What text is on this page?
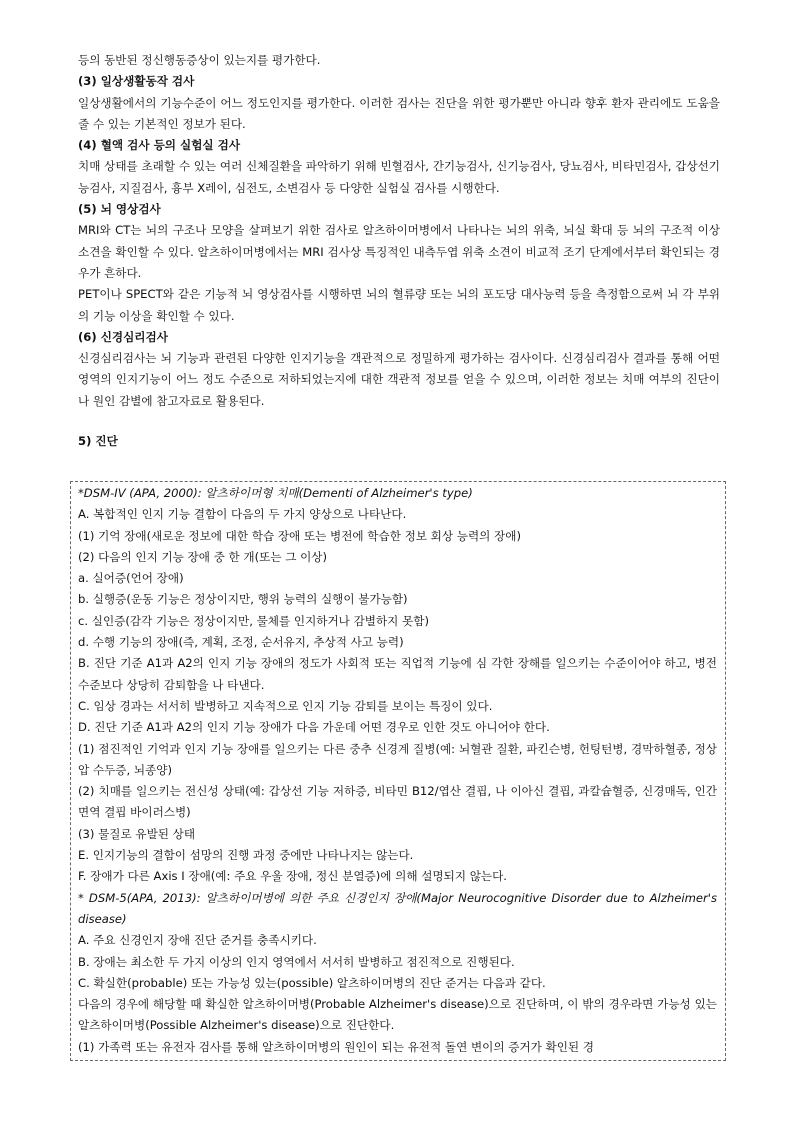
등의 동반된 정신행동증상이 있는지를 평가한다.

(3) 일상생활동작 검사

일상생활에서의 기능수준이 어느 정도인지를 평가한다. 이러한 검사는 진단을 위한 평가뿐만 아니라 향후 환자 관리에도 도움을 줄 수 있는 기본적인 정보가 된다.

(4) 혈액 검사 등의 실험실 검사

치매 상태를 초래할 수 있는 여러 신체질환을 파악하기 위해 빈혈검사, 간기능검사, 신기능검사, 당뇨검사, 비타민검사, 갑상선기능검사, 지질검사, 흉부 X레이, 심전도, 소변검사 등 다양한 실험실 검사를 시행한다.

(5) 뇌 영상검사

MRI와 CT는 뇌의 구조나 모양을 살펴보기 위한 검사로 알츠하이머병에서 나타나는 뇌의 위축, 뇌실 확대 등 뇌의 구조적 이상 소견을 확인할 수 있다. 알츠하이머병에서는 MRI 검사상 특징적인 내측두엽 위축 소견이 비교적 조기 단계에서부터 확인되는 경우가 흔하다.

PET이나 SPECT와 같은 기능적 뇌 영상검사를 시행하면 뇌의 혈류량 또는 뇌의 포도당 대사능력 등을 측정함으로써 뇌 각 부위의 기능 이상을 확인할 수 있다.

(6) 신경심리검사

신경심리검사는 뇌 기능과 관련된 다양한 인지기능을 객관적으로 정밀하게 평가하는 검사이다. 신경심리검사 결과를 통해 어떤 영역의 인지기능이 어느 정도 수준으로 저하되었는지에 대한 객관적 정보를 얻을 수 있으며, 이러한 정보는 치매 여부의 진단이나 원인 감별에 참고자료로 활용된다.

5) 진단

*DSM-IV (APA, 2000): 알츠하이머형 치매(Dementi of Alzheimer's type)

A. 복합적인 인지 기능 결함이 다음의 두 가지 양상으로 나타난다.

(1) 기억 장애(새로운 정보에 대한 학습 장애 또는 병전에 학습한 정보 회상 능력의 장애)

(2) 다음의 인지 기능 장애 중 한 개(또는 그 이상)

a. 실어증(언어 장애)

b. 실행증(운동 기능은 정상이지만, 행위 능력의 실행이 불가능함)

c. 실인증(감각 기능은 정상이지만, 물체를 인지하거나 감별하지 못함)

d. 수행 기능의 장애(즉, 계획, 조정, 순서유지, 추상적 사고 능력)

B. 진단 기준 A1과 A2의 인지 기능 장애의 정도가 사회적 또는 직업적 기능에 심 각한 장해를 일으키는 수준이어야 하고, 병전 수준보다 상당히 감퇴함을 나 타낸다.

C. 임상 경과는 서서히 발병하고 지속적으로 인지 기능 감퇴를 보이는 특징이 있다.

D. 진단 기준 A1과 A2의 인지 기능 장애가 다음 가운데 어떤 경우로 인한 것도 아니어야 한다.

(1) 점진적인 기억과 인지 기능 장애를 일으키는 다른 중추 신경계 질병(예: 뇌혈관 질환, 파킨슨병, 헌팅턴병, 경막하혈종, 정상압 수두증, 뇌종양)

(2) 치매를 일으키는 전신성 상태(예: 갑상선 기능 저하증, 비타민 B12/엽산 결핍, 나 이아신 결핍, 과칼슘혈증, 신경매독, 인간 면역 결핍 바이러스병)

(3) 물질로 유발된 상태

E. 인지기능의 결함이 섬망의 진행 과정 중에만 나타나지는 않는다.

F. 장애가 다른 Axis I 장애(예: 주요 우울 장애, 정신 분열증)에 의해 설명되지 않는다.

* DSM-5(APA, 2013): 알츠하이머병에 의한 주요 신경인지 장애(Major Neurocognitive Disorder due to Alzheimer's disease)

A. 주요 신경인지 장애 진단 준거를 충족시키다.

B. 장애는 최소한 두 가지 이상의 인지 영역에서 서서히 발병하고 점진적으로 진행된다.

C. 확실한(probable) 또는 가능성 있는(possible) 알츠하이머병의 진단 준거는 다음과 같다.

다음의 경우에 해당할 때 확실한 알츠하이머병(Probable Alzheimer's disease)으로 진단하며, 이 밖의 경우라면 가능성 있는 알츠하이머병(Possible Alzheimer's disease)으로 진단한다.

(1) 가족력 또는 유전자 검사를 통해 알츠하이머병의 원인이 되는 유전적 돌연 변이의 증거가 확인된 경
